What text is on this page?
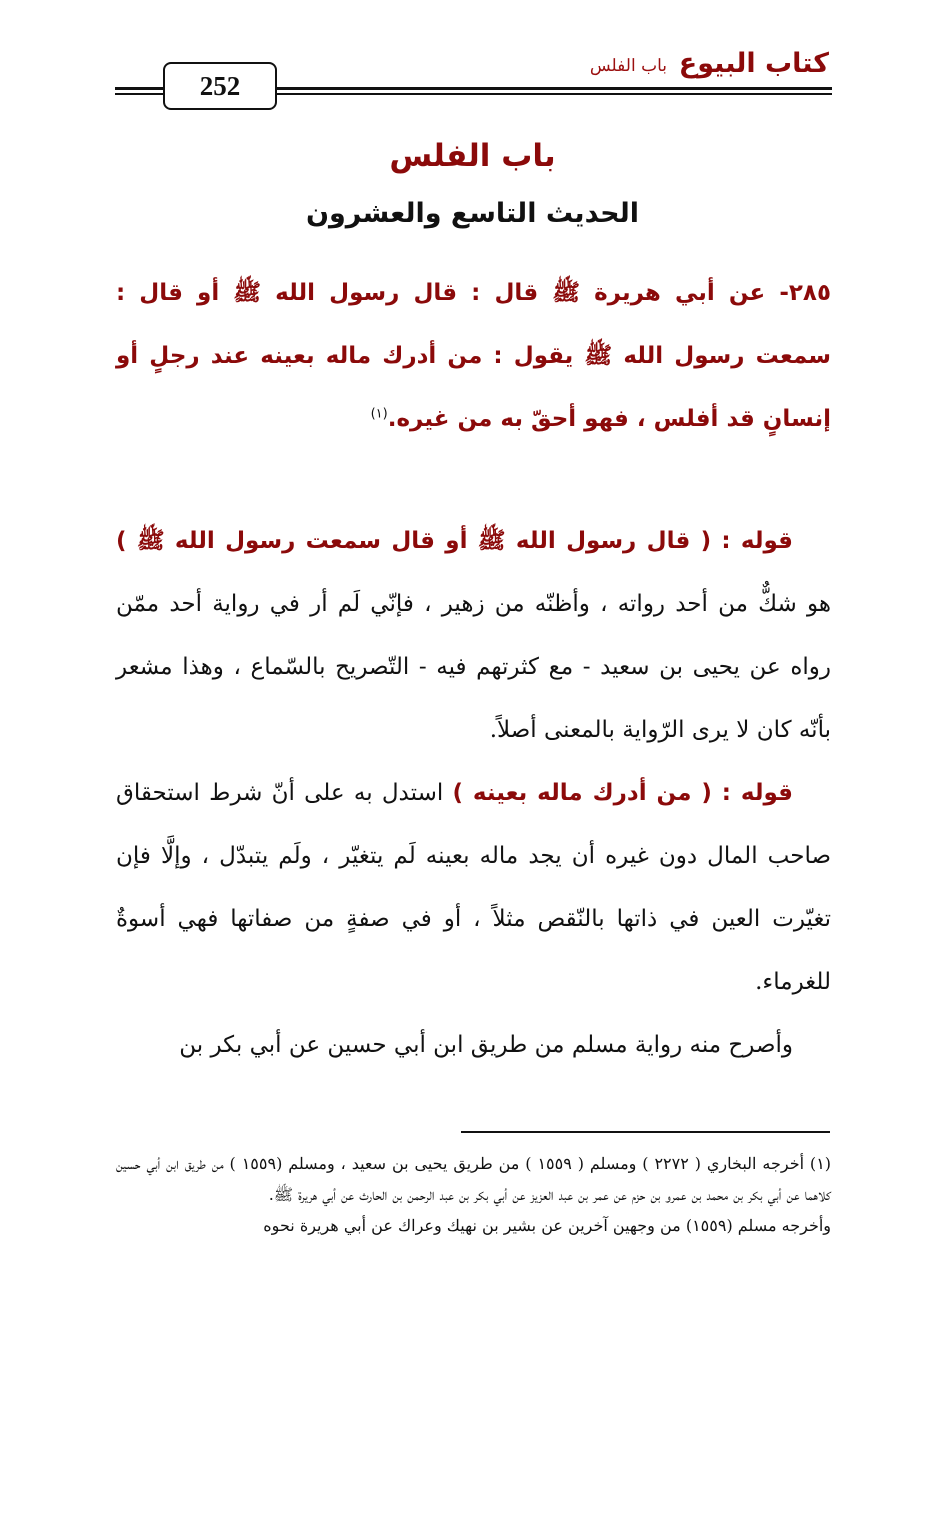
252
كتاب البيوع
باب الفلس
باب الفلس
الحديث التاسع والعشرون
٢٨٥- عن أبي هريرة ﷺ قال : قال رسول الله ﷺ أو قال : سمعت رسول الله ﷺ يقول : من أدرك ماله بعينه عند رجلٍ أو إنسانٍ قد أفلس ، فهو أحقّ به من غيره.$^{(١)}$

قوله : ( قال رسول الله ﷺ أو قال سمعت رسول الله ﷺ ) هو شكٌّ من أحد رواته ، وأظنّه من زهير ، فإنّي لَم أر في رواية أحد ممّن رواه عن يحيى بن سعيد - مع كثرتهم فيه - التّصريح بالسّماع ، وهذا مشعر بأنّه كان لا يرى الرّواية بالمعنى أصلاً.

قوله : ( من أدرك ماله بعينه ) استدل به على أنّ شرط استحقاق صاحب المال دون غيره أن يجد ماله بعينه لَم يتغيّر ، ولَم يتبدّل ، وإلَّا فإن تغيّرت العين في ذاتها بالنّقص مثلاً ، أو في صفةٍ من صفاتها فهي أسوةٌ للغرماء.

وأصرح منه رواية مسلم من طريق ابن أبي حسين عن أبي بكر بن

(١) أخرجه البخاري ( ٢٢٧٢ ) ومسلم ( ١٥٥٩ ) من طريق يحيى بن سعيد ، ومسلم (١٥٥٩ ) من طريق ابن أبي حسين كلاهما عن أبي بكر بن محمد بن عمرو بن حزم عن عمر بن عبد العزيز عن أبي بكر بن عبد الرحمن بن الحارث عن أبي هريرة ﷺ.

وأخرجه مسلم (١٥٥٩) من وجهين آخرين عن بشير بن نهيك وعراك عن أبي هريرة نحوه
